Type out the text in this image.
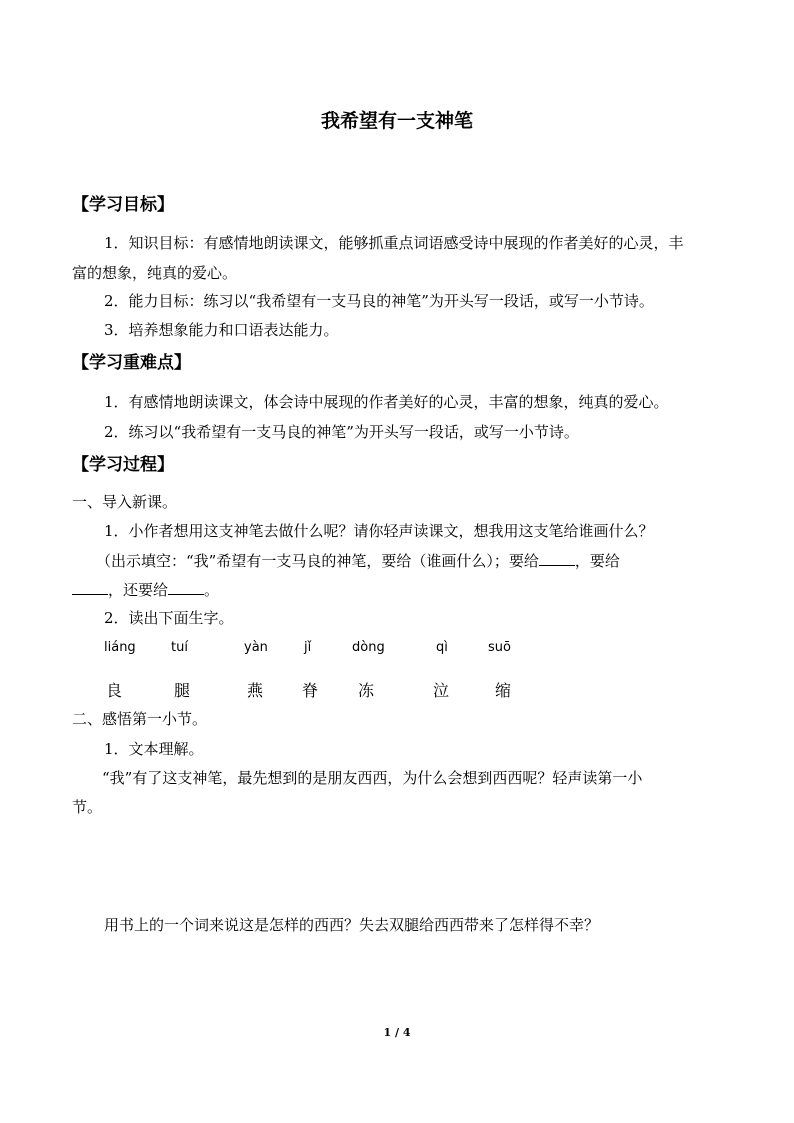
我希望有一支神笔
【学习目标】
1．知识目标：有感情地朗读课文，能够抓重点词语感受诗中展现的作者美好的心灵，丰
富的想象，纯真的爱心。
2．能力目标：练习以“我希望有一支马良的神笔”为开头写一段话，或写一小节诗。
3．培养想象能力和口语表达能力。
【学习重难点】
1．有感情地朗读课文，体会诗中展现的作者美好的心灵，丰富的想象，纯真的爱心。
2．练习以“我希望有一支马良的神笔”为开头写一段话，或写一小节诗。
【学习过程】
一、导入新课。
1．小作者想用这支神笔去做什么呢？请你轻声读课文，想我用这支笔给谁画什么？
（出示填空：“我”希望有一支马良的神笔，要给（谁画什么）；要给 ，要给
，还要给 。
2．读出下面生字。
liáng	tuí	yàn	jǐ	dòng	qì	suō
良	腿	燕 脊 冻	泣	缩
二、感悟第一小节。
1．文本理解。
“我”有了这支神笔，最先想到的是朋友西西，为什么会想到西西呢？轻声读第一小
节。
用书上的一个词来说这是怎样的西西？失去双腿给西西带来了怎样得不幸？
1 / 4
